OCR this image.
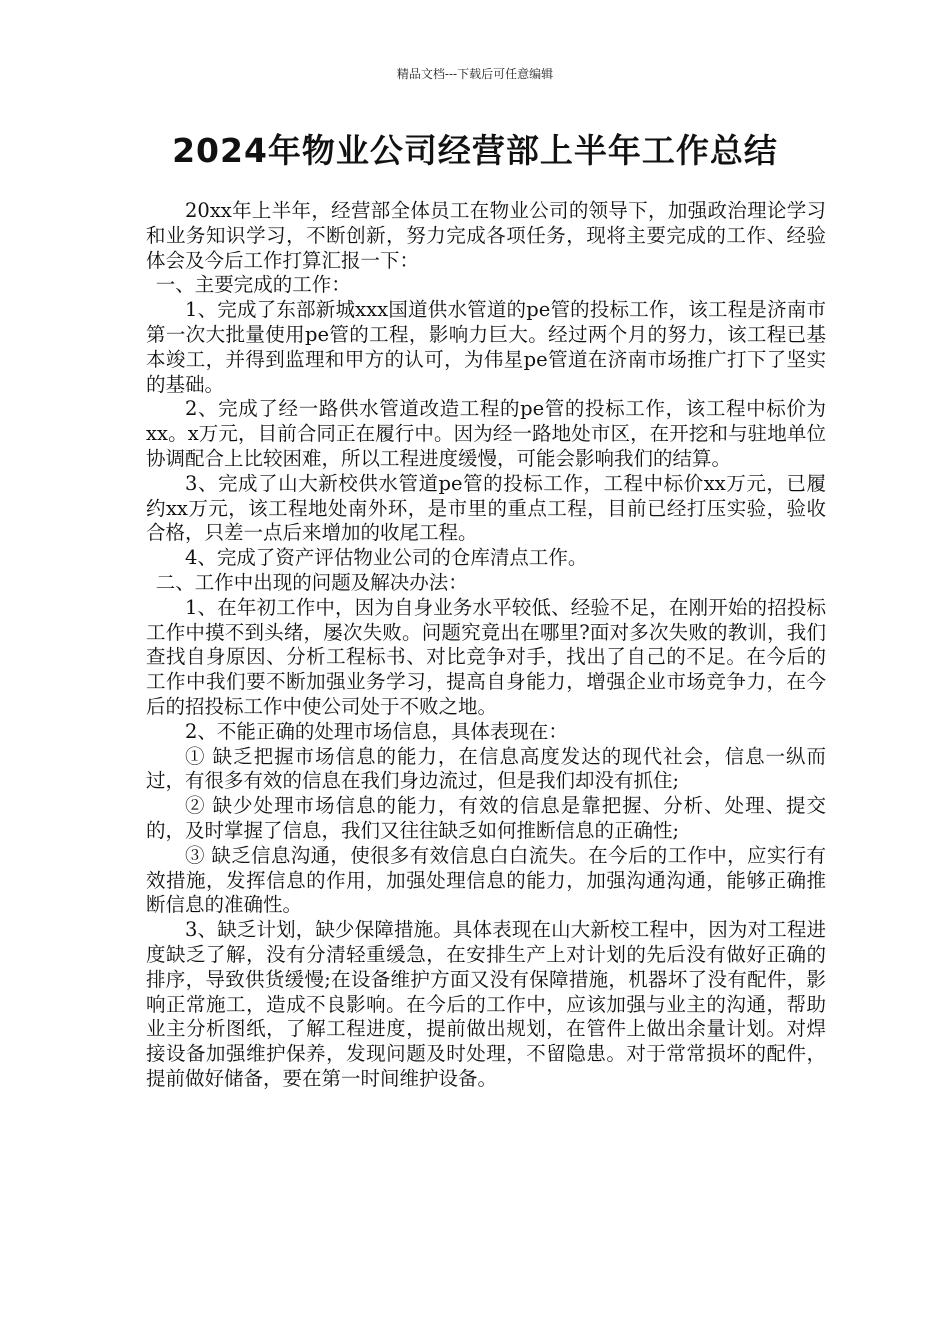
精品文档---下载后可任意编辑
2024年物业公司经营部上半年工作总结

20xx年上半年，经营部全体员工在物业公司的领导下，加强政治理论学习和业务知识学习，不断创新，努力完成各项任务，现将主要完成的工作、经验体会及今后工作打算汇报一下：

一、主要完成的工作：

1、完成了东部新城xxx国道供水管道的pe管的投标工作，该工程是济南市第一次大批量使用pe管的工程，影响力巨大。经过两个月的努力，该工程已基本竣工，并得到监理和甲方的认可，为伟星pe管道在济南市场推广打下了坚实的基础。

2、完成了经一路供水管道改造工程的pe管的投标工作，该工程中标价为xx。x万元，目前合同正在履行中。因为经一路地处市区，在开挖和与驻地单位协调配合上比较困难，所以工程进度缓慢，可能会影响我们的结算。

3、完成了山大新校供水管道pe管的投标工作，工程中标价xx万元，已履约xx万元，该工程地处南外环，是市里的重点工程，目前已经打压实验，验收合格，只差一点后来增加的收尾工程。

4、完成了资产评估物业公司的仓库清点工作。

二、工作中出现的问题及解决办法：

1、在年初工作中，因为自身业务水平较低、经验不足，在刚开始的招投标工作中摸不到头绪，屡次失败。问题究竟出在哪里?面对多次失败的教训，我们查找自身原因、分析工程标书、对比竞争对手，找出了自己的不足。在今后的工作中我们要不断加强业务学习，提高自身能力，增强企业市场竞争力，在今后的招投标工作中使公司处于不败之地。

2、不能正确的处理市场信息，具体表现在：

① 缺乏把握市场信息的能力，在信息高度发达的现代社会，信息一纵而过，有很多有效的信息在我们身边流过，但是我们却没有抓住;

② 缺少处理市场信息的能力，有效的信息是靠把握、分析、处理、提交的，及时掌握了信息，我们又往往缺乏如何推断信息的正确性;

③ 缺乏信息沟通，使很多有效信息白白流失。在今后的工作中，应实行有效措施，发挥信息的作用，加强处理信息的能力，加强沟通沟通，能够正确推断信息的准确性。

3、缺乏计划，缺少保障措施。具体表现在山大新校工程中，因为对工程进度缺乏了解，没有分清轻重缓急，在安排生产上对计划的先后没有做好正确的排序，导致供货缓慢;在设备维护方面又没有保障措施，机器坏了没有配件，影响正常施工，造成不良影响。在今后的工作中，应该加强与业主的沟通，帮助业主分析图纸，了解工程进度，提前做出规划，在管件上做出余量计划。对焊接设备加强维护保养，发现问题及时处理，不留隐患。对于常常损坏的配件，提前做好储备，要在第一时间维护设备。
